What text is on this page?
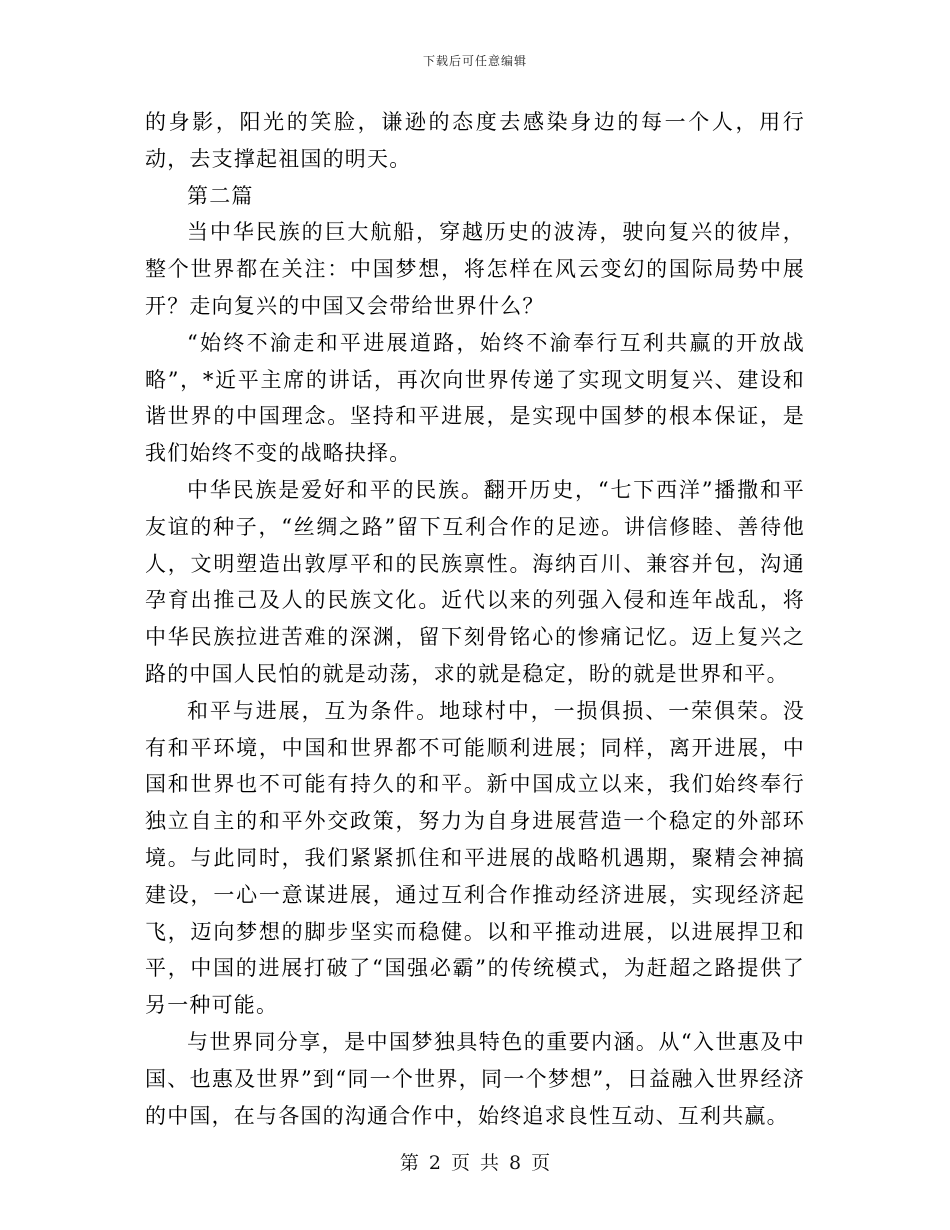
下载后可任意编辑

的身影，阳光的笑脸，谦逊的态度去感染身边的每一个人，用行动，去支撑起祖国的明天。

第二篇

当中华民族的巨大航船，穿越历史的波涛，驶向复兴的彼岸，整个世界都在关注：中国梦想，将怎样在风云变幻的国际局势中展开？走向复兴的中国又会带给世界什么？

“始终不渝走和平进展道路，始终不渝奉行互利共赢的开放战略”，*近平主席的讲话，再次向世界传递了实现文明复兴、建设和谐世界的中国理念。坚持和平进展，是实现中国梦的根本保证，是我们始终不变的战略抉择。

中华民族是爱好和平的民族。翻开历史，“七下西洋”播撒和平友谊的种子，“丝绸之路”留下互利合作的足迹。讲信修睦、善待他人，文明塑造出敦厚平和的民族禀性。海纳百川、兼容并包，沟通孕育出推己及人的民族文化。近代以来的列强入侵和连年战乱，将中华民族拉进苦难的深渊，留下刻骨铭心的惨痛记忆。迈上复兴之路的中国人民怕的就是动荡，求的就是稳定，盼的就是世界和平。

和平与进展，互为条件。地球村中，一损俱损、一荣俱荣。没有和平环境，中国和世界都不可能顺利进展；同样，离开进展，中国和世界也不可能有持久的和平。新中国成立以来，我们始终奉行独立自主的和平外交政策，努力为自身进展营造一个稳定的外部环境。与此同时，我们紧紧抓住和平进展的战略机遇期，聚精会神搞建设，一心一意谋进展，通过互利合作推动经济进展，实现经济起飞，迈向梦想的脚步坚实而稳健。以和平推动进展，以进展捍卫和平，中国的进展打破了“国强必霸”的传统模式，为赶超之路提供了另一种可能。

与世界同分享，是中国梦独具特色的重要内涵。从“入世惠及中国、也惠及世界”到“同一个世界，同一个梦想”，日益融入世界经济的中国，在与各国的沟通合作中，始终追求良性互动、互利共赢。

第 2 页 共 8 页
